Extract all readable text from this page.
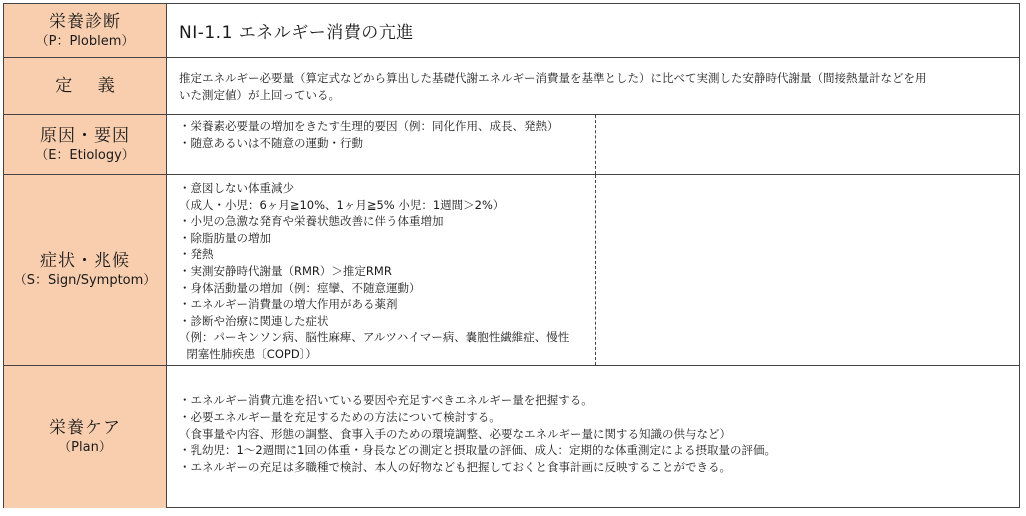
栄養診断
（P：Ploblem）	NI-1.1 エネルギー消費の亢進
定 義	推定エネルギー必要量（算定式などから算出した基礎代謝エネルギー消費量を基準とした）に比べて実測した安静時代謝量（間接熱量計などを用
いた測定値）が上回っている。
原因・要因
（E：Etiology）
・栄養素必要量の増加をきたす生理的要因（例：同化作用、成長、発熱）
・随意あるいは不随意の運動・行動
症状・兆候
（S：Sign/Symptom）
・意図しない体重減少
（成人・小児：6ヶ月≧10%、1ヶ月≧5% 小児：1週間＞2%）
・小児の急激な発育や栄養状態改善に伴う体重増加
・除脂肪量の増加
・発熱
・実測安静時代謝量（RMR）＞推定RMR
・身体活動量の増加（例：痙攣、不随意運動）
・エネルギー消費量の増大作用がある薬剤
・診断や治療に関連した症状
（例：パーキンソン病、脳性麻痺、アルツハイマー病、嚢胞性繊維症、慢性
閉塞性肺疾患〔COPD〕）
栄養ケア
（Plan）
・エネルギー消費亢進を招いている要因や充足すべきエネルギー量を把握する。
・必要エネルギー量を充足するための方法について検討する。
（食事量や内容、形態の調整、食事入手のための環境調整、必要なエネルギー量に関する知識の供与など）
・乳幼児：1～2週間に1回の体重・身長などの測定と摂取量の評価、成人：定期的な体重測定による摂取量の評価。
・エネルギーの充足は多職種で検討、本人の好物なども把握しておくと食事計画に反映することができる。
